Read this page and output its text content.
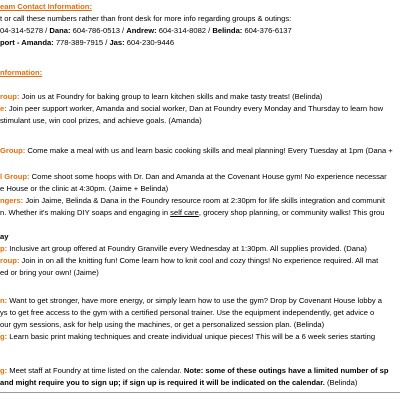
eam Contact Information:
t or call these numbers rather than front desk for more info regarding groups & outings:
04-314-5278 / Dana: 604-786-0513 / Andrew: 604-314-8082 / Belinda: 604-376-6137
port - Amanda: 778-389-7915 / Jas: 604-230-9446
nformation:
roup: Join us at Foundry for baking group to learn kitchen skills and make tasty treats! (Belinda)
e: Join peer support worker, Amanda and social worker, Dan at Foundry every Monday and Thursday to learn how
stimulant use, win cool prizes, and achieve goals. (Amanda)
Group: Come make a meal with us and learn basic cooking skills and meal planning! Every Tuesday at 1pm (Dana +
l Group: Come shoot some hoops with Dr. Dan and Amanda at the Covenant House gym! No experience necessar
e House or the clinic at 4:30pm. (Jaime + Belinda)
ngers: Join Jaime, Belinda & Dana in the Foundry resource room at 2:30pm for life skills integration and communit
n. Whether it's making DIY soaps and engaging in self care, grocery shop planning, or community walks! This grou
ay
p: Inclusive art group offered at Foundry Granville every Wednesday at 1:30pm. All supplies provided. (Dana)
roup: Join in on all the knitting fun! Come learn how to knit cool and cozy things! No experience required. All mat
ed or bring your own! (Jaime)
n: Want to get stronger, have more energy, or simply learn how to use the gym? Drop by Covenant House lobby a
ys to get free access to the gym with a certified personal trainer. Use the equipment independently, get advice o
our gym sessions, ask for help using the machines, or get a personalized session plan. (Belinda)
g: Learn basic print making techniques and create individual unique pieces! This will be a 6 week series starting
g: Meet staff at Foundry at time listed on the calendar. Note: some of these outings have a limited number of sp
and might require you to sign up; if sign up is required it will be indicated on the calendar. (Belinda)
